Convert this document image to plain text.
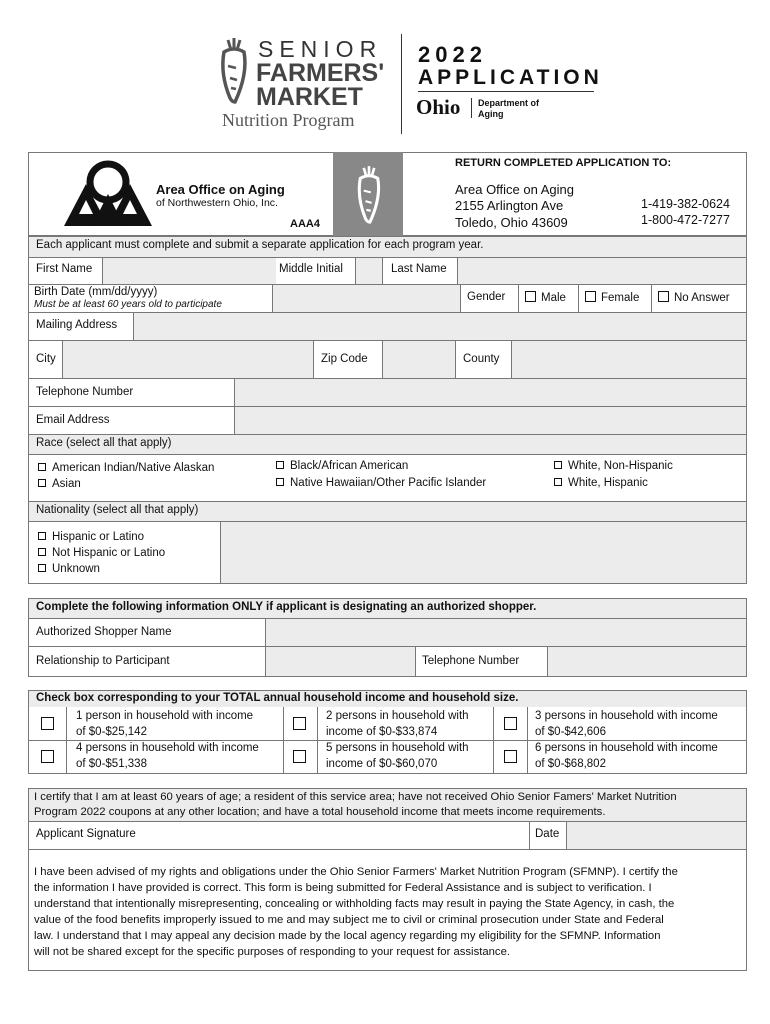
SENIOR
FARMERS'
MARKET
Nutrition Program
2022
APPLICATION
Ohio Department of
Aging
Area Office on Aging
of Northwestern Ohio, Inc.
AAA4
RETURN COMPLETED APPLICATION TO:
Area Office on Aging
2155 Arlington Ave
Toledo, Ohio 43609
1-419-382-0624
1-800-472-7277
Each applicant must complete and submit a separate application for each program year.
First Name	Middle Initial	Last Name
Birth Date (mm/dd/yyyy)
Must be at least 60 years old to participate
Gender	Male	Female	No Answer
Mailing Address
City	Zip Code	County
Telephone Number
Email Address
Race (select all that apply)
American Indian/Native Alaskan
Asian
Black/African American
Native Hawaiian/Other Pacific Islander
White, Non-Hispanic
White, Hispanic
Nationality (select all that apply)
Hispanic or Latino
Not Hispanic or Latino
Unknown
Complete the following information ONLY if applicant is designating an authorized shopper.
Authorized Shopper Name
Relationship to Participant	Telephone Number
Check box corresponding to your TOTAL annual household income and household size.
1 person in household with income
of $0-$25,142
2 persons in household with
income of $0-$33,874
3 persons in household with income
of $0-$42,606
4 persons in household with income
of $0-$51,338
5 persons in household with
income of $0-$60,070
6 persons in household with income
of $0-$68,802
I certify that I am at least 60 years of age; a resident of this service area; have not received Ohio Senior Famers' Market Nutrition
Program 2022 coupons at any other location; and have a total household income that meets income requirements.
Applicant Signature	Date
I have been advised of my rights and obligations under the Ohio Senior Farmers' Market Nutrition Program (SFMNP). I certify the
the information I have provided is correct. This form is being submitted for Federal Assistance and is subject to verification. I
understand that intentionally misrepresenting, concealing or withholding facts may result in paying the State Agency, in cash, the
value of the food benefits improperly issued to me and may subject me to civil or criminal prosecution under State and Federal
law. I understand that I may appeal any decision made by the local agency regarding my eligibility for the SFMNP. Information
will not be shared except for the specific purposes of responding to your request for assistance.
